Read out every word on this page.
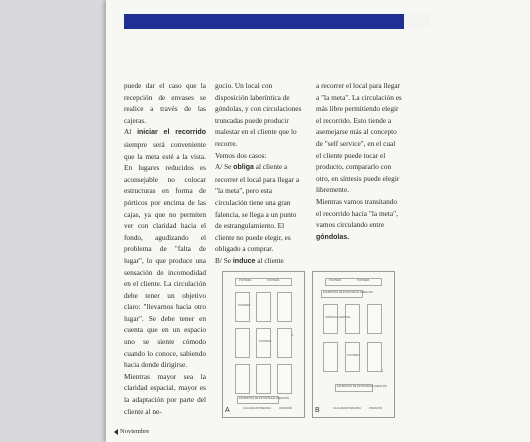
puede dar el caso que la recepción de envases se realice a través de las cajeras.

Al iniciar el recorrido siempre será conveniente que la meta esté a la vista. En lugares reducidos es aconsejable no colocar estructuras en forma de pórticos por encima de las cajas, ya que no permiten ver con claridad hacia el fondo, agudizando el problema de "falta de lugar", lo que produce una sensación de incomodidad en el cliente. La circulación debe tener un objetivo claro: "llevarnos hacia otro lugar". Se debe tener en cuenta que en un espacio uno se siente cómodo cuando lo conoce, sabiendo hacia donde dirigirse.

Mientras mayor sea la claridad espacial, mayor es la adaptación por parte del cliente al ne-

gocio. Un local con disposición laberíntica de góndolas, y con circulaciones truncadas puede producir malestar en el cliente que lo recorre.

Vemos dos casos:

A/ Se obliga al cliente a recorrer el local para llegar a "la meta", pero esta circulación tiene una gran falencia, se llega a un punto de estrangulamiento. El cliente no puede elegir, es obligado a comprar.

B/ Se induce al cliente

a recorrer el local para llegar a "la meta". La circulación es más libre permitiendo elegir el recorrido. Esto tiende a asemejarse más al concepto de "self service", en el cual el cliente puede tocar el producto, compararlo con otro, en síntesis puede elegir libremente.

Mientras vamos transitando el recorrido hacia "la meta", vamos circulando entre góndolas.

PUNTERA	PUNTERA
PUNTERA
PUNTERA
EXHIBICIÓN DE ESTRATEGIA ATENCIÓN
CAJA REGISTRADORA	ATENCIÓN
A
↓
PUNTERA	PUNTERA
EXHIBICIÓN DE ESTRATEGIA ATENCIÓN
GÓNDOLA CENTRAL
PUNTERA
EXHIBICIÓN DE ESTRATEGIA ATENCIÓN
CAJA REGISTRADORA	ATENCIÓN
B
↓
Noviembre
